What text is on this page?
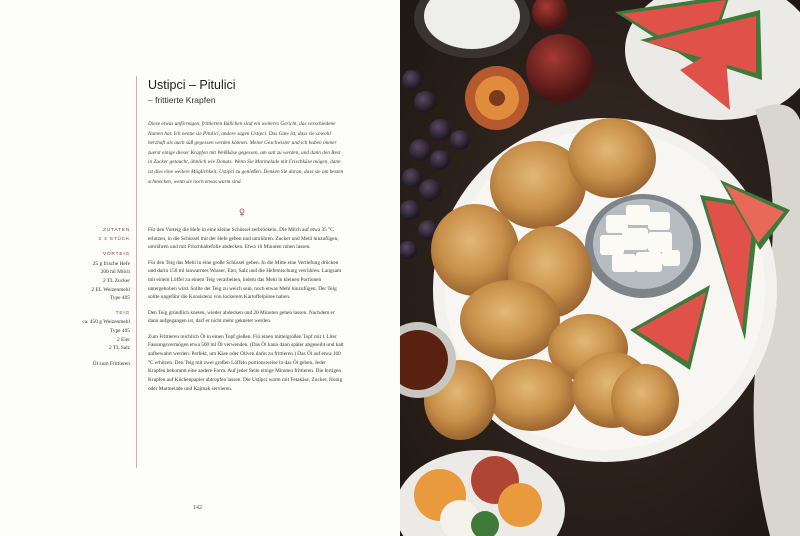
Ustipci – Pitulici
– frittierte Krapfen

Diese etwas unförmigen, frittierten Bällchen sind ein weiteres Gericht, das verschiedene Namen hat. Ich nenne sie Pitulici, andere sagen Ustipci. Das Gute ist, dass sie sowohl herzhaft als auch süß gegessen werden können. Meine Geschwister und ich haben immer zuerst einige dieser Krapfen mit Weißkäse gegessen, um satt zu werden, und dann den Rest in Zucker getaucht, ähnlich wie Donuts. Wenn Sie Marmelade mit Frischkäse mögen, dann ist dies eine weitere Möglichkeit, Ustipci zu genießen. Denken Sie daran, dass sie am besten schmecken, wenn sie noch etwas warm sind.

ZUTATEN
2 4 STÜCK
VORTEIG
25 g frische Hefe
200 ml Milch
2 TL Zucker
2 EL Weizenmehl
Type 405
TEIG
ca. 450 g Weizenmehl
Type 405
2 Eier
2 TL Salz
Öl zum Frittieren

Für den Vorteig die Hefe in eine kleine Schüssel zerbröckeln. Die Milch auf etwa 35 °C erhitzen, in die Schüssel mit der Hefe geben und umrühren. Zucker und Mehl hinzufügen, umrühren und mit Frischhaltefolie abdecken. Etwa 10 Minuten ruhen lassen.

Für den Teig das Mehl in eine große Schüssel geben. In die Mitte eine Vertiefung drücken und darin 150 ml lauwarmes Wasser, Eier, Salz und die Hefemischung verrühren. Langsam mit einem Löffel zu einem Teig verarbeiten, indem das Mehl in kleinen Portionen untergehoben wird. Sollte der Teig zu weich sein, noch etwas Mehl hinzufügen. Der Teig sollte ungefähr die Konsistenz von lockerem Kartoffelpüree haben.

Den Teig gründlich kneten, wieder abdecken und 20 Minuten gehen lassen. Nachdem er dann aufgegangen ist, darf er nicht mehr geknetet werden.

Zum Frittieren reichlich Öl in einen Topf gießen. Für einen mittelgroßen Topf mit 1 Liter Fassungsvermögen etwa 500 ml Öl verwenden. (Das Öl kann dann später abgeseiht und kalt aufbewahrt werden. Perfekt, um Käse oder Oliven darin zu frittieren.) Das Öl auf etwa 160 °C erhitzen. Den Teig mit zwei großen Löffeln portionsweise in das Öl geben. Jeder Krapfen bekommt eine andere Form. Auf jeder Seite einige Minuten frittieren. Die fertigen Krapfen auf Küchenpapier abtropfen lassen. Die Ustipci warm mit Fetakäse, Zucker, Honig oder Marmelade und Kajmak servieren.

142
